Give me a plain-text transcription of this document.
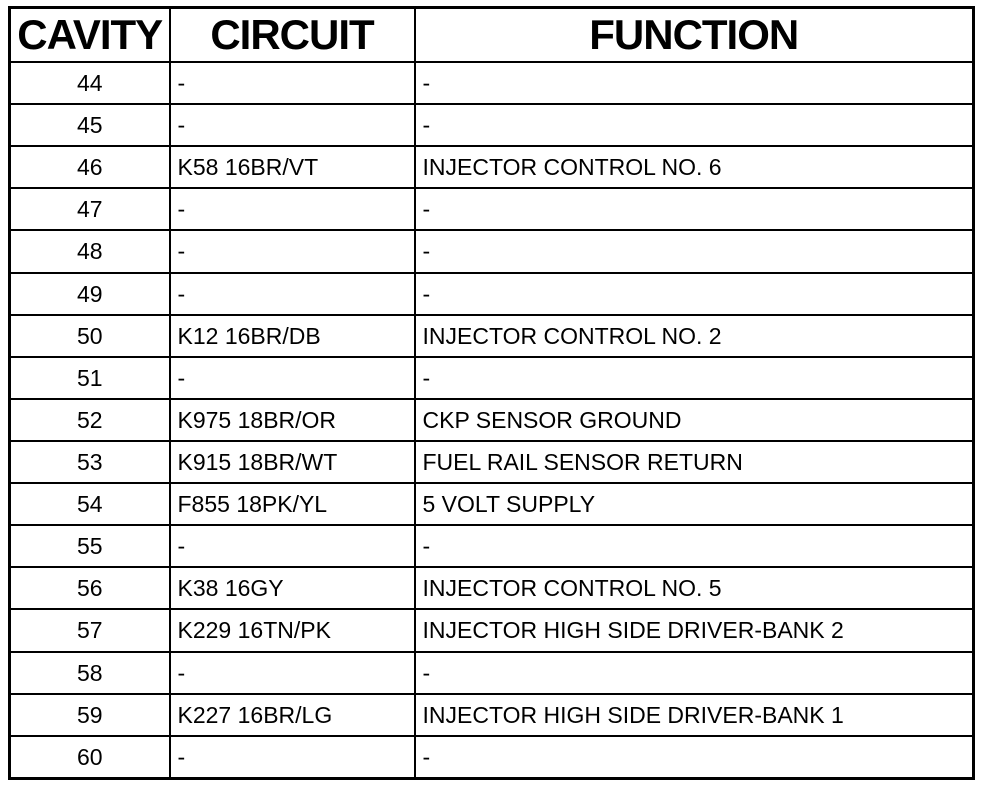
CAVITY	CIRCUIT	FUNCTION
44	-	-
45	-	-
46	K58 16BR/VT	INJECTOR CONTROL NO. 6
47	-	-
48	-	-
49	-	-
50	K12 16BR/DB	INJECTOR CONTROL NO. 2
51	-	-
52	K975 18BR/OR	CKP SENSOR GROUND
53	K915 18BR/WT	FUEL RAIL SENSOR RETURN
54	F855 18PK/YL	5 VOLT SUPPLY
55	-	-
56	K38 16GY	INJECTOR CONTROL NO. 5
57	K229 16TN/PK	INJECTOR HIGH SIDE DRIVER-BANK 2
58	-	-
59	K227 16BR/LG	INJECTOR HIGH SIDE DRIVER-BANK 1
60	-	-
